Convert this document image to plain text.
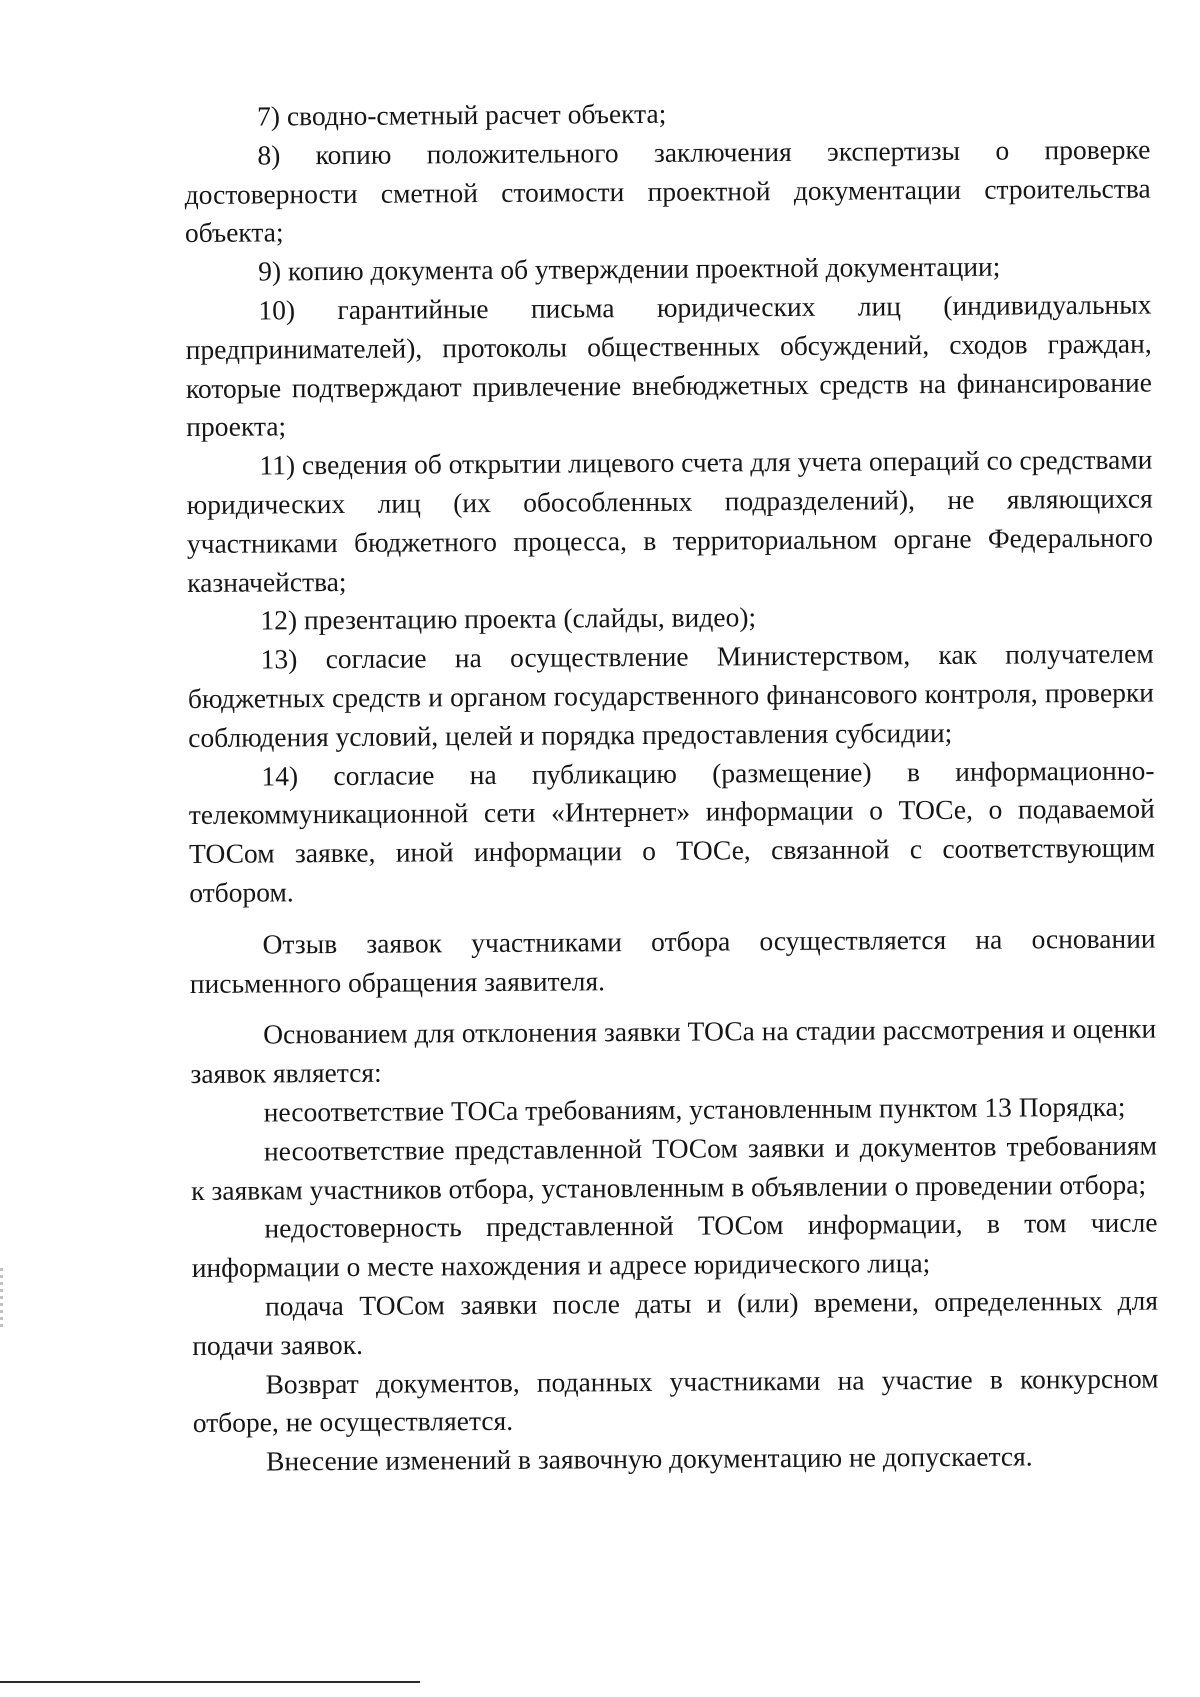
7) сводно-сметный расчет объекта;

8) копию положительного заключения экспертизы о проверке достоверности сметной стоимости проектной документации строительства объекта;

9) копию документа об утверждении проектной документации;

10) гарантийные письма юридических лиц (индивидуальных предпринимателей), протоколы общественных обсуждений, сходов граждан, которые подтверждают привлечение внебюджетных средств на финансирование проекта;

11) сведения об открытии лицевого счета для учета операций со средствами юридических лиц (их обособленных подразделений), не являющихся участниками бюджетного процесса, в территориальном органе Федерального казначейства;

12) презентацию проекта (слайды, видео);

13) согласие на осуществление Министерством, как получателем бюджетных средств и органом государственного финансового контроля, проверки соблюдения условий, целей и порядка предоставления субсидии;

14) согласие на публикацию (размещение) в информационно-телекоммуникационной сети «Интернет» информации о ТОСе, о подаваемой ТОСом заявке, иной информации о ТОСе, связанной с соответствующим отбором.

Отзыв заявок участниками отбора осуществляется на основании письменного обращения заявителя.

Основанием для отклонения заявки ТОСа на стадии рассмотрения и оценки заявок является:

несоответствие ТОСа требованиям, установленным пунктом 13 Порядка;

несоответствие представленной ТОСом заявки и документов требованиям к заявкам участников отбора, установленным в объявлении о проведении отбора;

недостоверность представленной ТОСом информации, в том числе информации о месте нахождения и адресе юридического лица;

подача ТОСом заявки после даты и (или) времени, определенных для подачи заявок.

Возврат документов, поданных участниками на участие в конкурсном отборе, не осуществляется.

Внесение изменений в заявочную документацию не допускается.
